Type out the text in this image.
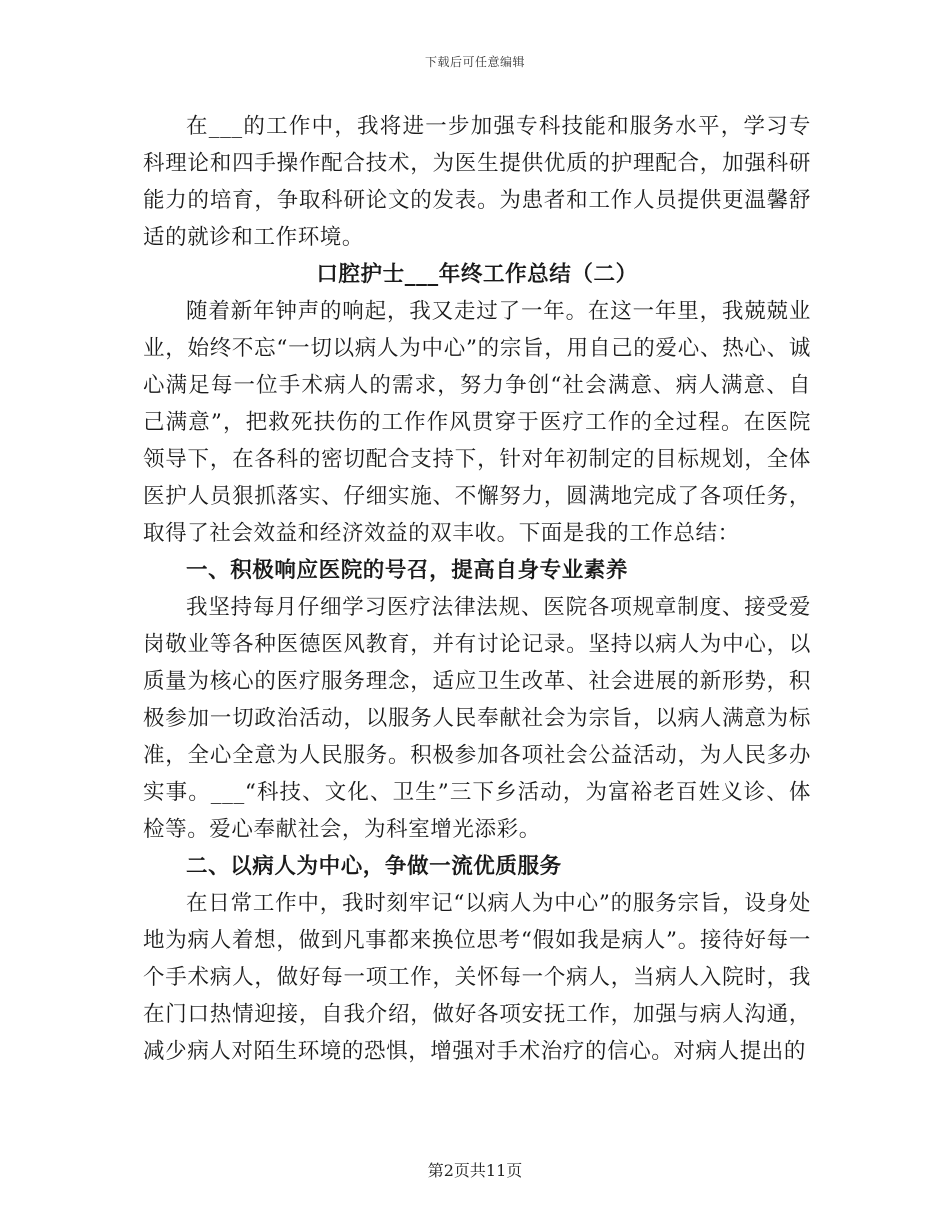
下载后可任意编辑

在___的工作中，我将进一步加强专科技能和服务水平，学习专科理论和四手操作配合技术，为医生提供优质的护理配合，加强科研能力的培育，争取科研论文的发表。为患者和工作人员提供更温馨舒适的就诊和工作环境。

口腔护士___年终工作总结（二）

随着新年钟声的响起，我又走过了一年。在这一年里，我兢兢业业，始终不忘“一切以病人为中心”的宗旨，用自己的爱心、热心、诚心满足每一位手术病人的需求，努力争创“社会满意、病人满意、自己满意”，把救死扶伤的工作作风贯穿于医疗工作的全过程。在医院领导下，在各科的密切配合支持下，针对年初制定的目标规划，全体医护人员狠抓落实、仔细实施、不懈努力，圆满地完成了各项任务，取得了社会效益和经济效益的双丰收。下面是我的工作总结：

一、积极响应医院的号召，提高自身专业素养

我坚持每月仔细学习医疗法律法规、医院各项规章制度、接受爱岗敬业等各种医德医风教育，并有讨论记录。坚持以病人为中心，以质量为核心的医疗服务理念，适应卫生改革、社会进展的新形势，积极参加一切政治活动，以服务人民奉献社会为宗旨，以病人满意为标准，全心全意为人民服务。积极参加各项社会公益活动，为人民多办实事。___“科技、文化、卫生”三下乡活动，为富裕老百姓义诊、体检等。爱心奉献社会，为科室增光添彩。

二、以病人为中心，争做一流优质服务

在日常工作中，我时刻牢记“以病人为中心”的服务宗旨，设身处地为病人着想，做到凡事都来换位思考“假如我是病人”。接待好每一个手术病人，做好每一项工作，关怀每一个病人，当病人入院时，我在门口热情迎接，自我介绍，做好各项安抚工作，加强与病人沟通，减少病人对陌生环境的恐惧，增强对手术治疗的信心。对病人提出的

第2页共11页
